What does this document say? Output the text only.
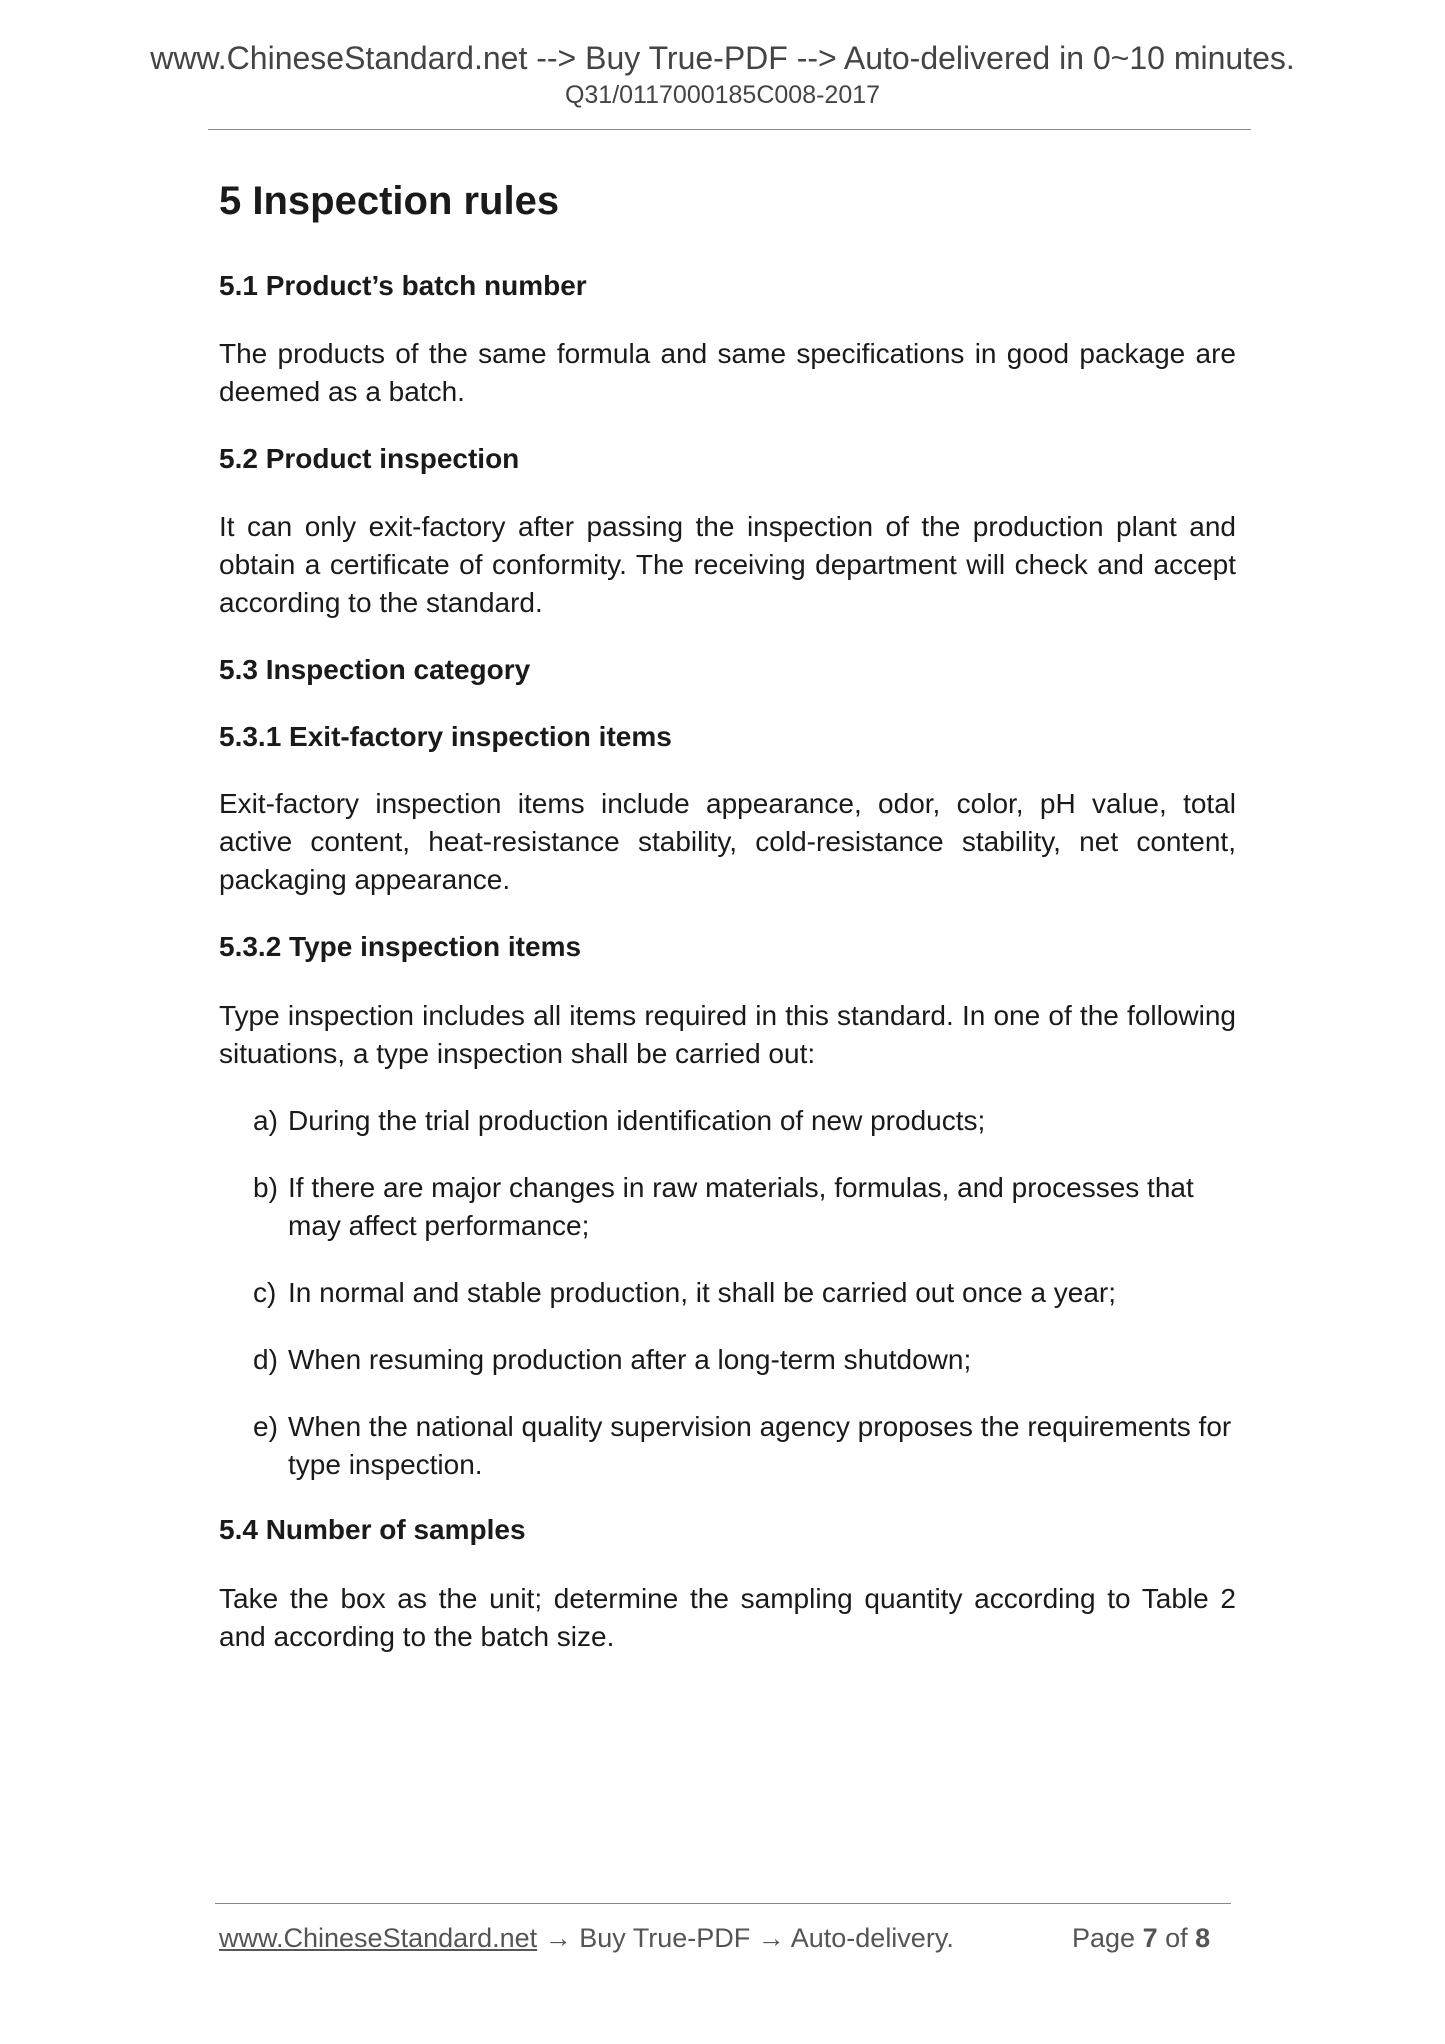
www.ChineseStandard.net --> Buy True-PDF --> Auto-delivered in 0~10 minutes.
Q31/0117000185C008-2017
5 Inspection rules
5.1 Product’s batch number
The products of the same formula and same specifications in good package are deemed as a batch.
5.2 Product inspection
It can only exit-factory after passing the inspection of the production plant and obtain a certificate of conformity. The receiving department will check and accept according to the standard.
5.3 Inspection category
5.3.1 Exit-factory inspection items
Exit-factory inspection items include appearance, odor, color, pH value, total active content, heat-resistance stability, cold-resistance stability, net content, packaging appearance.
5.3.2 Type inspection items
Type inspection includes all items required in this standard. In one of the following situations, a type inspection shall be carried out:
a) During the trial production identification of new products;
b) If there are major changes in raw materials, formulas, and processes that may affect performance;
c) In normal and stable production, it shall be carried out once a year;
d) When resuming production after a long-term shutdown;
e) When the national quality supervision agency proposes the requirements for type inspection.
5.4 Number of samples
Take the box as the unit; determine the sampling quantity according to Table 2 and according to the batch size.
www.ChineseStandard.net → Buy True-PDF → Auto-delivery.	Page 7 of 8
